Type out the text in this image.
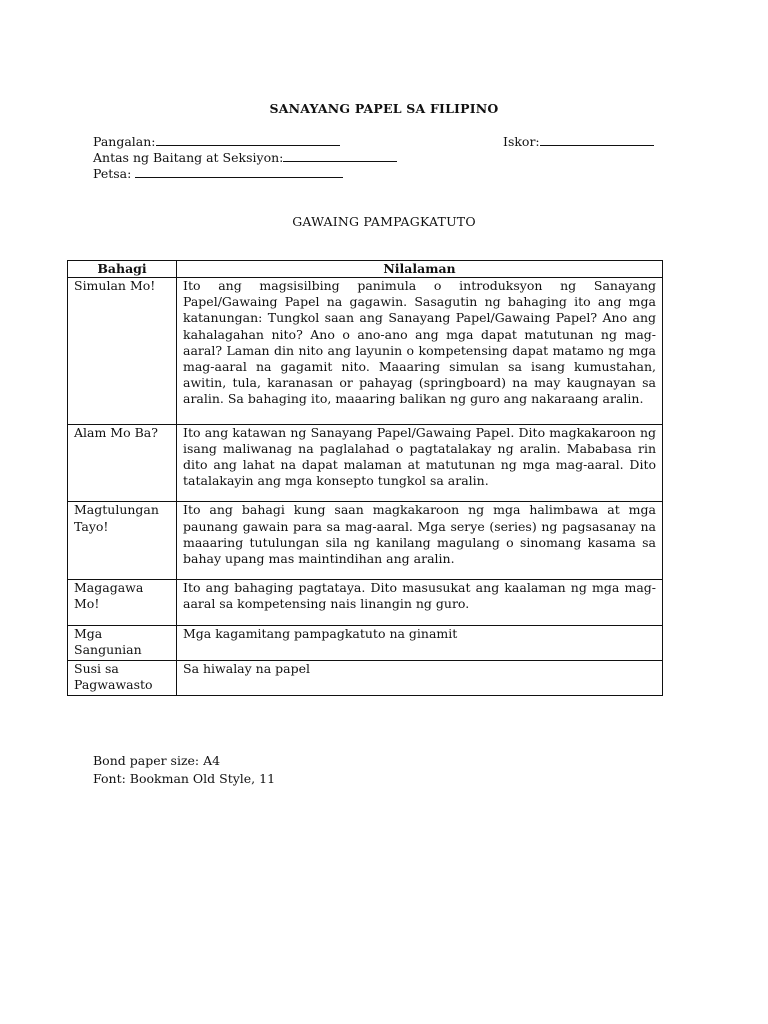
SANAYANG PAPEL SA FILIPINO
Pangalan:	Iskor:
Antas ng Baitang at Seksiyon:
Petsa:
GAWAING PAMPAGKATUTO
Bahagi	Nilalaman
Simulan Mo!	Ito ang magsisilbing panimula o introduksyon ng Sanayang Papel/Gawaing Papel na gagawin. Sasagutin ng bahaging ito ang mga katanungan: Tungkol saan ang Sanayang Papel/Gawaing Papel? Ano ang kahalagahan nito? Ano o ano-ano ang mga dapat matutunan ng mag-aaral? Laman din nito ang layunin o kompetensing dapat matamo ng mga mag-aaral na gagamit nito. Maaaring simulan sa isang kumustahan, awitin, tula, karanasan or pahayag (springboard) na may kaugnayan sa aralin. Sa bahaging ito, maaaring balikan ng guro ang nakaraang aralin.
Alam Mo Ba?	Ito ang katawan ng Sanayang Papel/Gawaing Papel. Dito magkakaroon ng isang maliwanag na paglalahad o pagtatalakay ng aralin. Mababasa rin dito ang lahat na dapat malaman at matutunan ng mga mag-aaral. Dito tatalakayin ang mga konsepto tungkol sa aralin.
Magtulungan Tayo!	Ito ang bahagi kung saan magkakaroon ng mga halimbawa at mga paunang gawain para sa mag-aaral. Mga serye (series) ng pagsasanay na maaaring tutulungan sila ng kanilang magulang o sinomang kasama sa bahay upang mas maintindihan ang aralin.
Magagawa Mo!	Ito ang bahaging pagtataya. Dito masusukat ang kaalaman ng mga mag-aaral sa kompetensing nais linangin ng guro.
Mga Sangunian	Mga kagamitang pampagkatuto na ginamit
Susi sa Pagwawasto	Sa hiwalay na papel
Bond paper size: A4
Font: Bookman Old Style, 11
